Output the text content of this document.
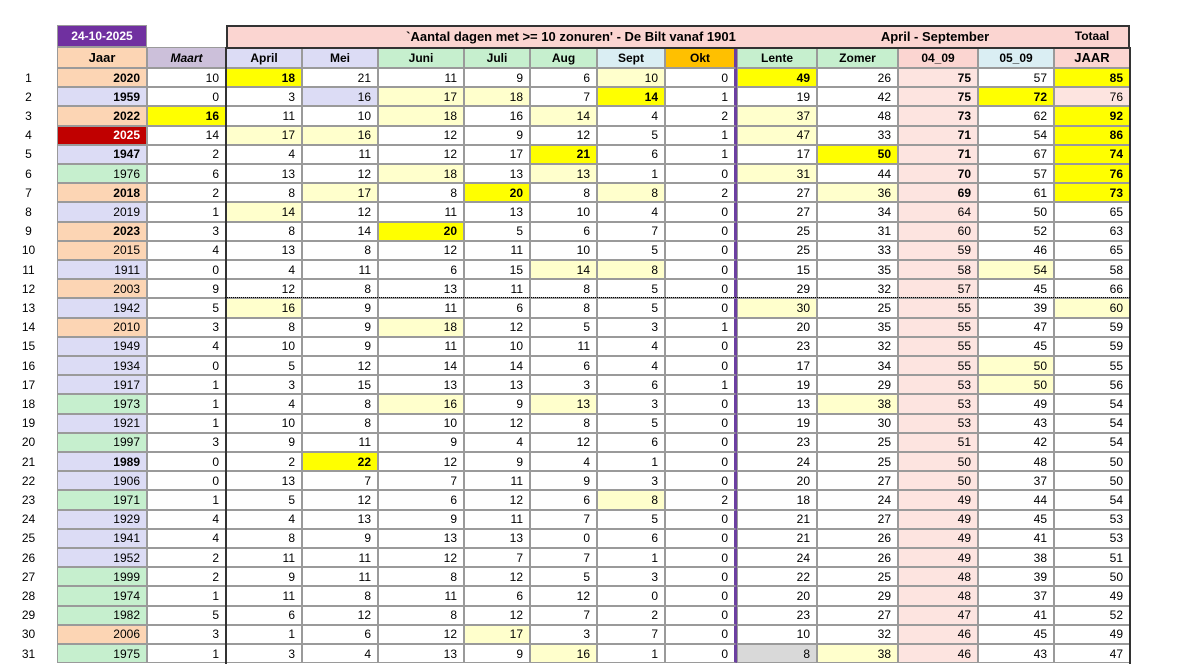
24-10-2025	`Aantal dagen met >= 10 zonuren' - De Bilt vanaf 1901	April - September	Totaal
Jaar	Maart	April	Mei	Juni	Juli	Aug	Sept	Okt	Lente	Zomer	04_09	05_09	JAAR
1	2020	10	18	21	11	9	6	10	0	49	26	75	57	85
2	1959	0	3	16	17	18	7	14	1	19	42	75	72	76
3	2022	16	11	10	18	16	14	4	2	37	48	73	62	92
4	2025	14	17	16	12	9	12	5	1	47	33	71	54	86
5	1947	2	4	11	12	17	21	6	1	17	50	71	67	74
6	1976	6	13	12	18	13	13	1	0	31	44	70	57	76
7	2018	2	8	17	8	20	8	8	2	27	36	69	61	73
8	2019	1	14	12	11	13	10	4	0	27	34	64	50	65
9	2023	3	8	14	20	5	6	7	0	25	31	60	52	63
10	2015	4	13	8	12	11	10	5	0	25	33	59	46	65
11	1911	0	4	11	6	15	14	8	0	15	35	58	54	58
12	2003	9	12	8	13	11	8	5	0	29	32	57	45	66
13	1942	5	16	9	11	6	8	5	0	30	25	55	39	60
14	2010	3	8	9	18	12	5	3	1	20	35	55	47	59
15	1949	4	10	9	11	10	11	4	0	23	32	55	45	59
16	1934	0	5	12	14	14	6	4	0	17	34	55	50	55
17	1917	1	3	15	13	13	3	6	1	19	29	53	50	56
18	1973	1	4	8	16	9	13	3	0	13	38	53	49	54
19	1921	1	10	8	10	12	8	5	0	19	30	53	43	54
20	1997	3	9	11	9	4	12	6	0	23	25	51	42	54
21	1989	0	2	22	12	9	4	1	0	24	25	50	48	50
22	1906	0	13	7	7	11	9	3	0	20	27	50	37	50
23	1971	1	5	12	6	12	6	8	2	18	24	49	44	54
24	1929	4	4	13	9	11	7	5	0	21	27	49	45	53
25	1941	4	8	9	13	13	0	6	0	21	26	49	41	53
26	1952	2	11	11	12	7	7	1	0	24	26	49	38	51
27	1999	2	9	11	8	12	5	3	0	22	25	48	39	50
28	1974	1	11	8	11	6	12	0	0	20	29	48	37	49
29	1982	5	6	12	8	12	7	2	0	23	27	47	41	52
30	2006	3	1	6	12	17	3	7	0	10	32	46	45	49
31	1975	1	3	4	13	9	16	1	0	8	38	46	43	47
